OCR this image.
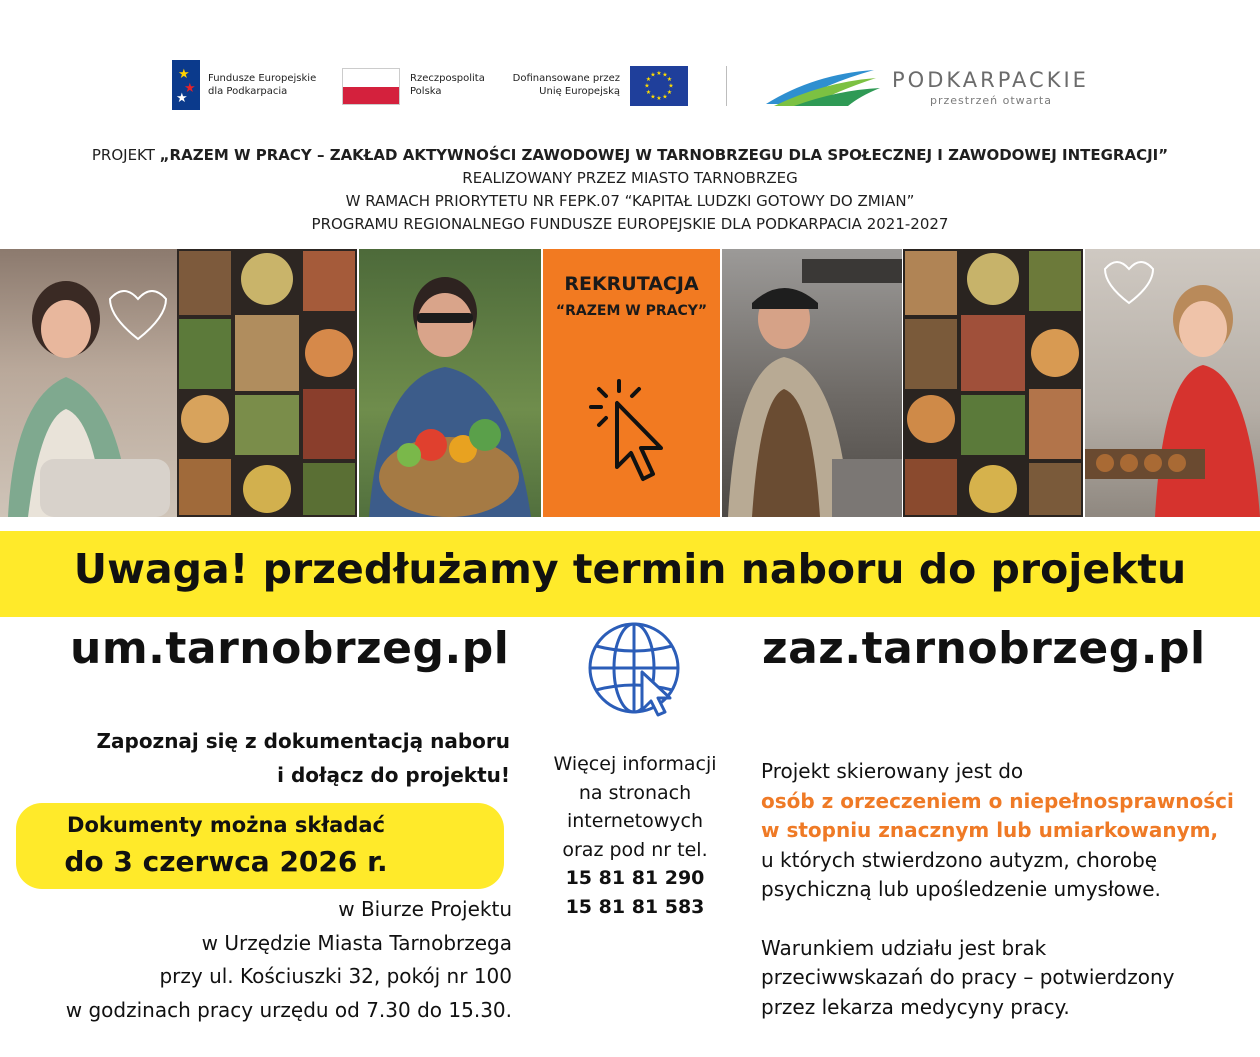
★
★
★
Fundusze Europejskie
dla Podkarpacia
Rzeczpospolita
Polska
Dofinansowane przez
Unię Europejską
★ ★
★
★
★
★
★
★
★
★
★
★	PODKARPACKIE
przestrzeń otwarta
PROJEKT „RAZEM W PRACY – ZAKŁAD AKTYWNOŚCI ZAWODOWEJ W TARNOBRZEGU DLA SPOŁECZNEJ I ZAWODOWEJ INTEGRACJI”
REALIZOWANY PRZEZ MIASTO TARNOBRZEG
W RAMACH PRIORYTETU NR FEPK.07 “KAPITAŁ LUDZKI GOTOWY DO ZMIAN”
PROGRAMU REGIONALNEGO FUNDUSZE EUROPEJSKIE DLA PODKARPACIA 2021-2027
REKRUTACJA
“RAZEM W PRACY”
Uwaga! przedłużamy termin naboru do projektu
um.tarnobrzeg.pl	zaz.tarnobrzeg.pl
Zapoznaj się z dokumentacją naboru
i dołącz do projektu!
Dokumenty można składać
do 3 czerwca 2026 r.
w Biurze Projektu
w Urzędzie Miasta Tarnobrzega
przy ul. Kościuszki 32, pokój nr 100
w godzinach pracy urzędu od 7.30 do 15.30.
Więcej informacji
na stronach
internetowych
oraz pod nr tel.
15 81 81 290
15 81 81 583
Projekt skierowany jest do
osób z orzeczeniem o niepełnosprawności
w stopniu znacznym lub umiarkowanym,
u których stwierdzono autyzm, chorobę
psychiczną lub upośledzenie umysłowe.
Warunkiem udziału jest brak
przeciwwskazań do pracy – potwierdzony
przez lekarza medycyny pracy.
